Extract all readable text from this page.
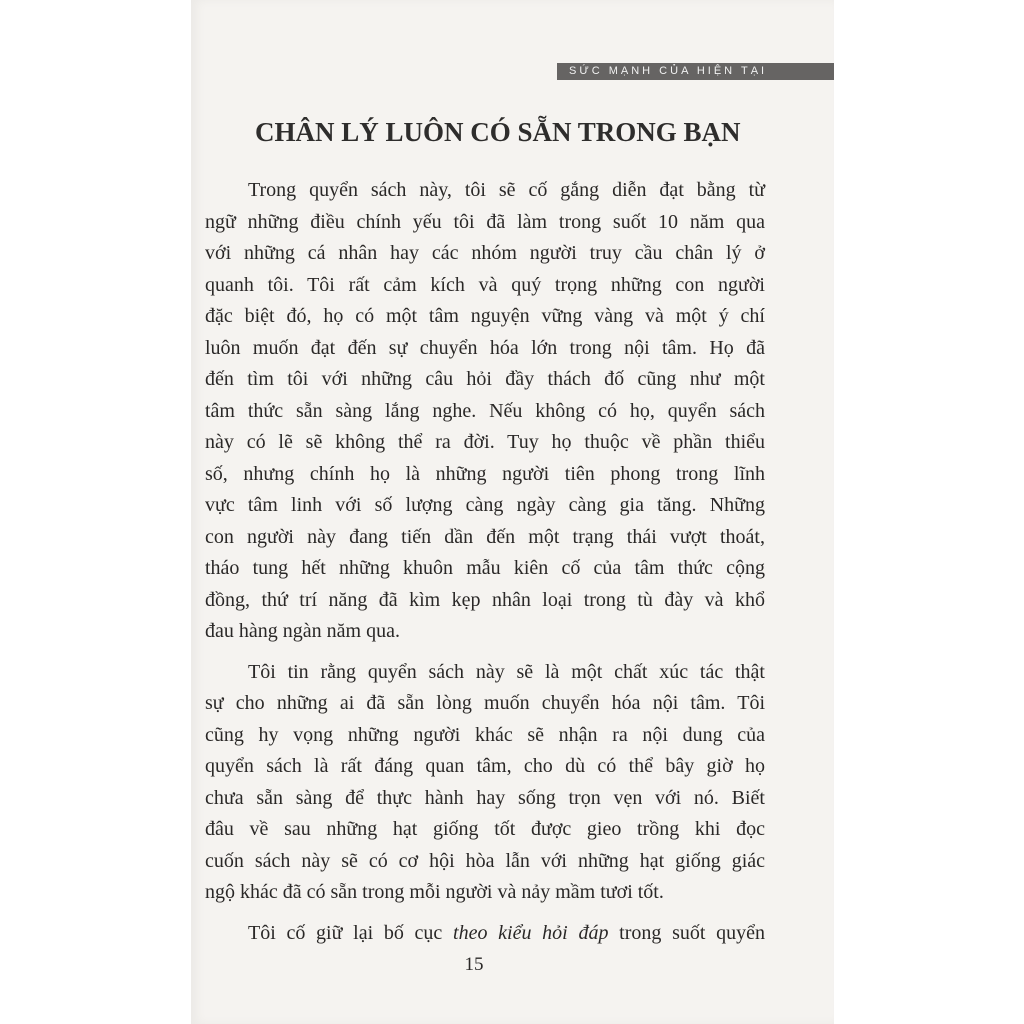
SỨC MẠNH CỦA HIỆN TẠI
CHÂN LÝ LUÔN CÓ SẴN TRONG BẠN
Trong quyển sách này, tôi sẽ cố gắng diễn đạt bằng từ
ngữ những điều chính yếu tôi đã làm trong suốt 10 năm qua
với những cá nhân hay các nhóm người truy cầu chân lý ở
quanh tôi. Tôi rất cảm kích và quý trọng những con người
đặc biệt đó, họ có một tâm nguyện vững vàng và một ý chí
luôn muốn đạt đến sự chuyển hóa lớn trong nội tâm. Họ đã
đến tìm tôi với những câu hỏi đầy thách đố cũng như một
tâm thức sẵn sàng lắng nghe. Nếu không có họ, quyển sách
này có lẽ sẽ không thể ra đời. Tuy họ thuộc về phần thiểu
số, nhưng chính họ là những người tiên phong trong lĩnh
vực tâm linh với số lượng càng ngày càng gia tăng. Những
con người này đang tiến dần đến một trạng thái vượt thoát,
tháo tung hết những khuôn mẫu kiên cố của tâm thức cộng
đồng, thứ trí năng đã kìm kẹp nhân loại trong tù đày và khổ
đau hàng ngàn năm qua.
Tôi tin rằng quyển sách này sẽ là một chất xúc tác thật
sự cho những ai đã sẵn lòng muốn chuyển hóa nội tâm. Tôi
cũng hy vọng những người khác sẽ nhận ra nội dung của
quyển sách là rất đáng quan tâm, cho dù có thể bây giờ họ
chưa sẵn sàng để thực hành hay sống trọn vẹn với nó. Biết
đâu về sau những hạt giống tốt được gieo trồng khi đọc
cuốn sách này sẽ có cơ hội hòa lẫn với những hạt giống giác
ngộ khác đã có sẵn trong mỗi người và nảy mầm tươi tốt.
Tôi cố giữ lại bố cục theo kiểu hỏi đáp trong suốt quyển
15
